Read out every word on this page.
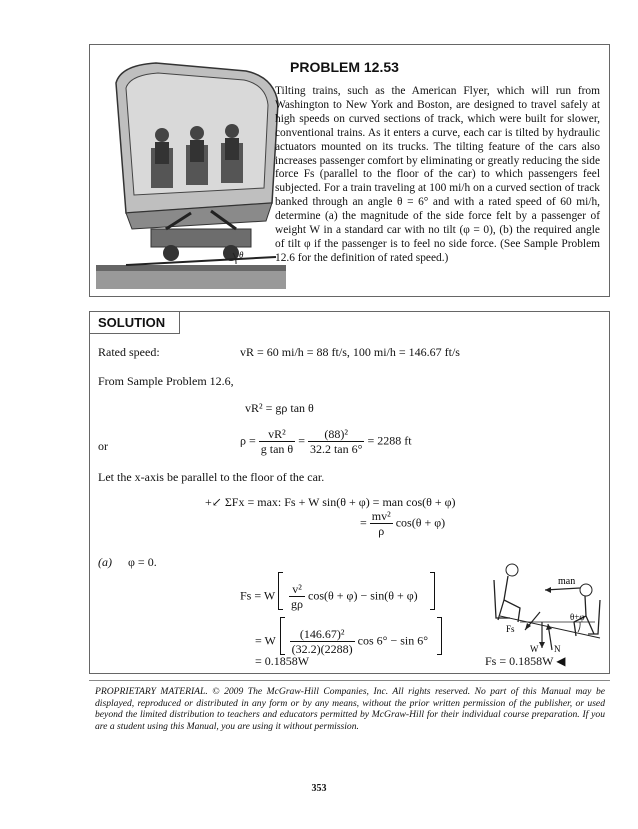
θ
PROBLEM 12.53
Tilting trains, such as the American Flyer, which will run from Washington to New York and Boston, are designed to travel safely at high speeds on curved sections of track, which were built for slower, conventional trains. As it enters a curve, each car is tilted by hydraulic actuators mounted on its trucks. The tilting feature of the cars also increases passenger comfort by eliminating or greatly reducing the side force Fs (parallel to the floor of the car) to which passengers feel subjected. For a train traveling at 100 mi/h on a curved section of track banked through an angle θ = 6° and with a rated speed of 60 mi/h, determine (a) the magnitude of the side force felt by a passenger of weight W in a standard car with no tilt (φ = 0), (b) the required angle of tilt φ if the passenger is to feel no side force. (See Sample Problem 12.6 for the definition of rated speed.)
SOLUTION
Rated speed:	vR = 60 mi/h = 88 ft/s, 100 mi/h = 146.67 ft/s
From Sample Problem 12.6,
vR² = gρ tan θ
or	$\rho = \frac{\text{vR²}}{\text{g tan θ}} = \frac{\text{(88)²}}{32.2 \tan 6^\circ} = 2288$ ft
Let the x-axis be parallel to the floor of the car.
+↙ ΣFx = max: Fs + W sin(θ + φ) = man cos(θ + φ)
= $\frac{\text{mv²}}{\rho} \cos(\theta + \varphi)$
(a) φ = 0.
Fs = W $\frac{\text{v²}}{g\rho} \cos(\theta + \varphi) - \sin(\theta + \varphi)$
= W $\frac{\text{(146.67)²}}{(32.2)(2288)}$ cos 6° − sin 6°
= 0.1858W	Fs = 0.1858W ◀
man
Fs
W N
θ+φ
PROPRIETARY MATERIAL. © 2009 The McGraw-Hill Companies, Inc. All rights reserved. No part of this Manual may be displayed, reproduced or distributed in any form or by any means, without the prior written permission of the publisher, or used beyond the limited distribution to teachers and educators permitted by McGraw-Hill for their individual course preparation. If you are a student using this Manual, you are using it without permission.
353
